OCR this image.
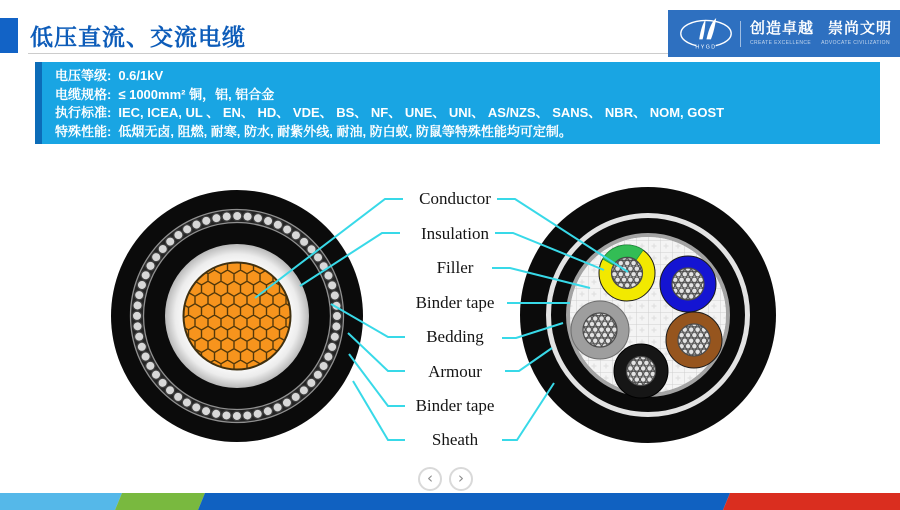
低压直流、交流电缆	HYGD
创造卓越 崇尚文明
CREATE EXCELLENCE ADVOCATE CIVILIZATION
电压等级: 0.6/1kV
电缆规格: ≤ 1000mm² 铜，铝, 铝合金
执行标准: IEC, ICEA, UL 、 EN、 HD、 VDE、 BS、 NF、 UNE、 UNI、 AS/NZS、 SANS、 NBR、 NOM, GOST
特殊性能: 低烟无卤, 阻燃, 耐寒, 防水, 耐紫外线, 耐油, 防白蚁, 防鼠等特殊性能均可定制。
Conductor
Insulation
Filler
Binder tape
Bedding
Armour
Binder tape
Sheath
‹	›
